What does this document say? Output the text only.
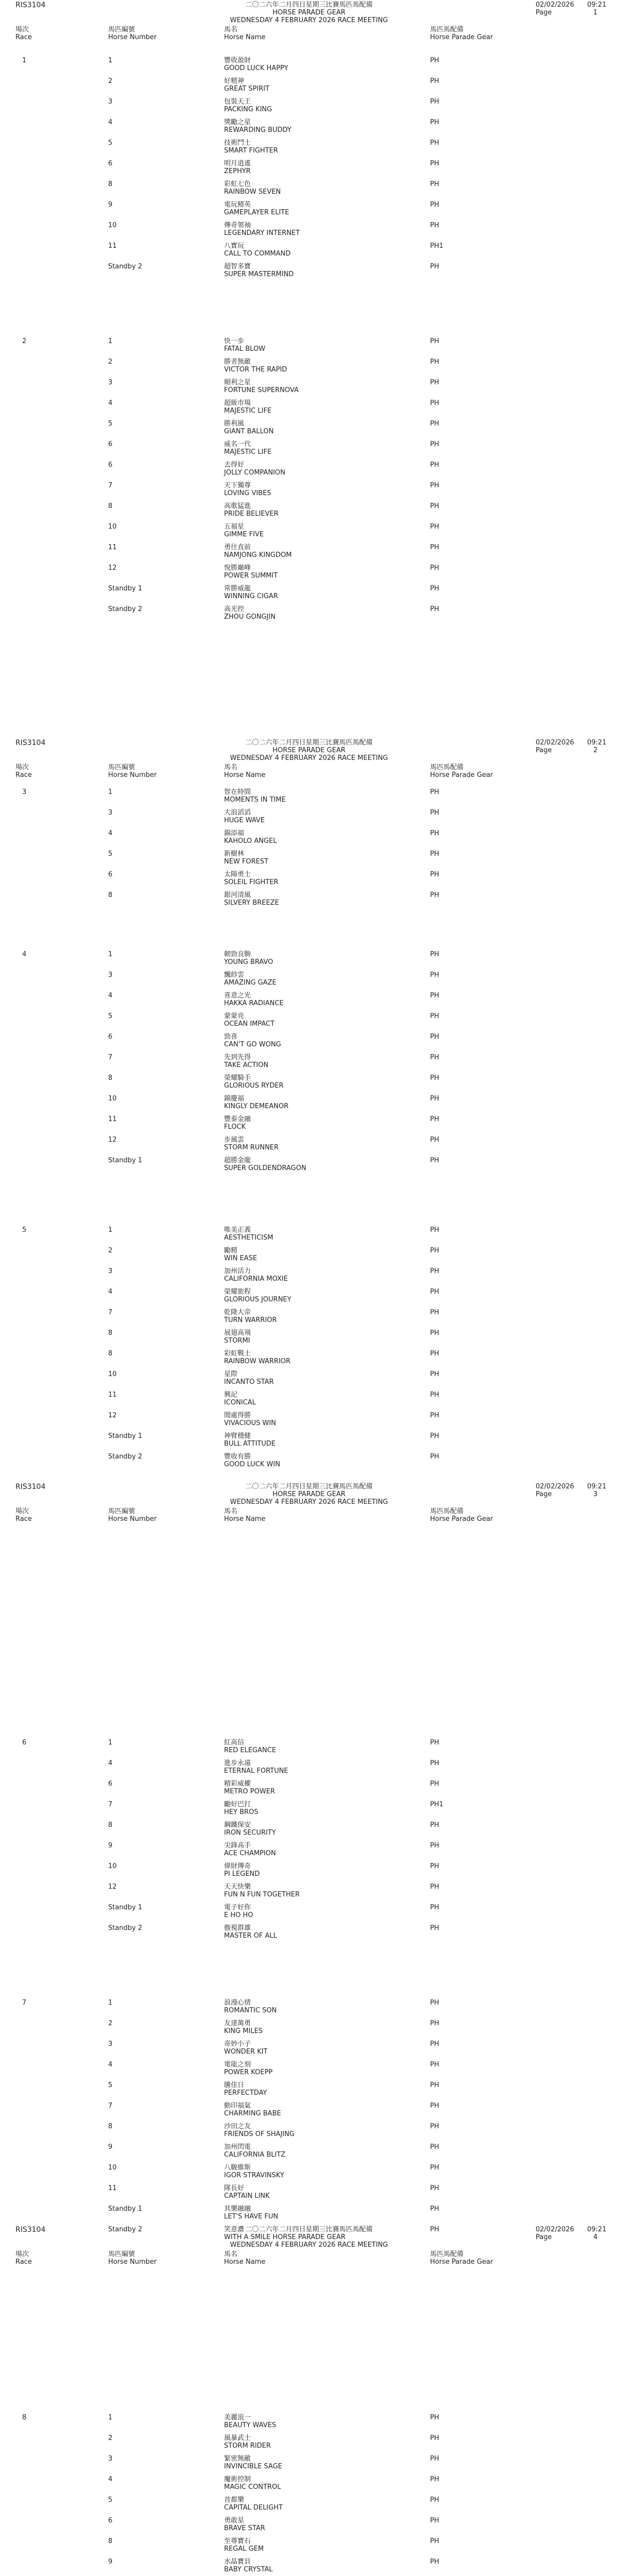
RIS3104	二〇二六年二月四日星期三比賽馬匹馬配備
HORSE PARADE GEAR
WEDNESDAY 4 FEBRUARY 2026 RACE MEETING
02/02/2026 09:21
Page	1
場次
Race
馬匹編號
Horse Number
馬名
Horse Name
馬匹馬配備
Horse Parade Gear
RIS3104	二〇二六年二月四日星期三比賽馬匹馬配備
HORSE PARADE GEAR
WEDNESDAY 4 FEBRUARY 2026 RACE MEETING
02/02/2026 09:21
Page	2
場次
Race
馬匹編號
Horse Number
馬名
Horse Name
馬匹馬配備
Horse Parade Gear
RIS3104	二〇二六年二月四日星期三比賽馬匹馬配備
HORSE PARADE GEAR
WEDNESDAY 4 FEBRUARY 2026 RACE MEETING
02/02/2026 09:21
Page	3
場次
Race
馬匹編號
Horse Number
馬名
Horse Name
馬匹馬配備
Horse Parade Gear
RIS3104	二〇二六年二月四日星期三比賽馬匹馬配備
HORSE PARADE GEAR
WEDNESDAY 4 FEBRUARY 2026 RACE MEETING
02/02/2026 09:21
Page	4
場次
Race
馬匹編號
Horse Number
馬名
Horse Name
馬匹馬配備
Horse Parade Gear
1	1	豐收盈財
GOOD LUCK HAPPY
PH
2	好精神
GREAT SPIRIT
PH
3	包裝天王
PACKING KING
PH
4	獎勵之星
REWARDING BUDDY
PH
5	技術鬥士
SMART FIGHTER
PH
6	明月逍遙
ZEPHYR
PH
8	彩虹七色
RAINBOW SEVEN
PH
9	電玩精英
GAMEPLAYER ELITE
PH
10	傳奇領袖
LEGENDARY INTERNET
PH
11	八寶玩
CALL TO COMMAND
PH1
Standby 2	超智多寶
SUPER MASTERMIND
PH
2	1	快一步
FATAL BLOW
PH
2	勝者無敵
VICTOR THE RAPID
PH
3	順利之星
FORTUNE SUPERNOVA
PH
4	超級市場
MAJESTIC LIFE
PH
5	勝利風
GIANT BALLON
PH
6	威名一代
MAJESTIC LIFE
PH
6	去得好
JOLLY COMPANION
PH
7	天下獨尊
LOVING VIBES
PH
8	高歌猛進
PRIDE BELIEVER
PH
10	五福星
GIMME FIVE
PH
11	勇往直前
NAMJONG KINGDOM
PH
12	悅勝巔峰
POWER SUMMIT
PH
Standby 1	常勝威龍
WINNING CIGAR
PH
Standby 2	高光控
ZHOU GONGJIN
PH
3	1	智在時間
MOMENTS IN TIME
PH
3	大浪滔滔
HUGE WAVE
PH
4	錦添福
KAHOLO ANGEL
PH
5	新樹林
NEW FOREST
PH
6	太陽勇士
SOLEIL FIGHTER
PH
8	銀河清風
SILVERY BREEZE
PH
4	1	韌勁良駒
YOUNG BRAVO
PH
3	飄紗雲
AMAZING GAZE
PH
4	喜意之光
HAKKA RADIANCE
PH
5	蒙蒙亮
OCEAN IMPACT
PH
6	勁喜
CAN'T GO WONG
PH
7	先到先得
TAKE ACTION
PH
8	榮耀騎手
GLORIOUS RYDER
PH
10	錦慶福
KINGLY DEMEANOR
PH
11	豐泰金融
FLOCK
PH
12	步風雲
STORM RUNNER
PH
Standby 1	超勝金龍
SUPER GOLDENDRAGON
PH
5	1	唯美正義
AESTHETICISM
PH
2	勵精
WIN EASE
PH
3	加州活力
CALIFORNIA MOXIE
PH
4	榮耀旅程
GLORIOUS JOURNEY
PH
7	乾隆大帝
TURN WARRIOR
PH
8	展翅高飛
STORMI
PH
8	彩虹戰士
RAINBOW WARRIOR
PH
10	星際
INCANTO STAR
PH
11	興記
ICONICAL
PH
12	閒處得勝
VIVACIOUS WIN
PH
Standby 1	神臂穩健
BULL ATTITUDE
PH
Standby 2	豐收有勝
GOOD LUCK WIN
PH
6	1	紅高信
RED ELEGANCE
PH
4	進步永遠
ETERNAL FORTUNE
PH
6	精彩威權
METRO POWER
PH
7	勵好巴打
HEY BROS
PH1
8	鋼鐵保安
IRON SECURITY
PH
9	尖鋒高手
ACE CHAMPION
PH
10	偉財傳奇
PI LEGEND
PH
12	天天快樂
FUN N FUN TOGETHER
PH
Standby 1	電子好你
E HO HO
PH
Standby 2	傲視群雄
MASTER OF ALL
PH
7	1	浪漫心情
ROMANTIC SON
PH
2	友達萬勇
KING MILES
PH
3	奇妙小子
WONDER KIT
PH
4	電能之刻
POWER KOEPP
PH
5	騰佳日
PERFECTDAY
PH
7	動印福氣
CHARMING BABE
PH
8	沙田之友
FRIENDS OF SHAJING
PH
9	加州閃電
CALIFORNIA BLITZ
PH
10	八駿維斯
IGOR STRAVINSKY
PH
11	隊長好
CAPTAIN LINK
PH
Standby 1	其樂融融
LET'S HAVE FUN
PH
Standby 2	笑意濃
WITH A SMILE
PH
8	1	美麗浪一
BEAUTY WAVES
PH
2	風暴武士
STORM RIDER
PH
3	緊密無敵
INVINCIBLE SAGE
PH
4	魔術控制
MAGIC CONTROL
PH
5	首都樂
CAPITAL DELIGHT
PH
6	勇敢星
BRAVE STAR
PH
8	至尊寶石
REGAL GEM
PH
9	水晶寶貝
BABY CRYSTAL
PH
